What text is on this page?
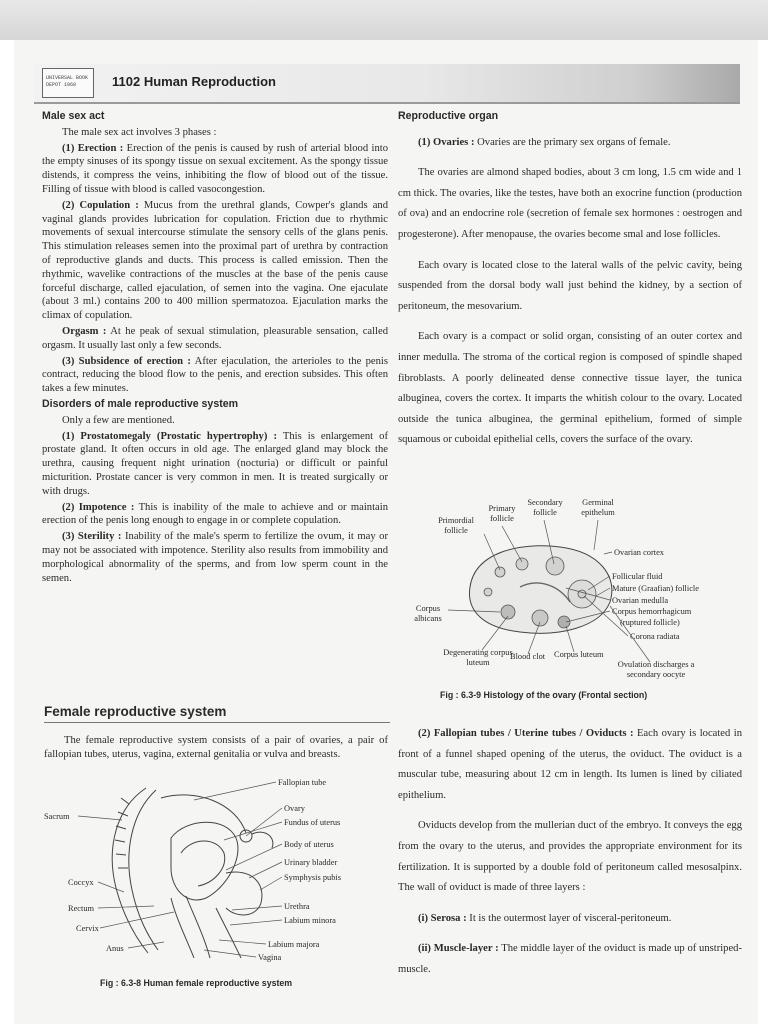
UNIVERSAL BOOK DEPOT 1960	1102 Human Reproduction
Male sex act

The male sex act involves 3 phases :

(1) Erection : Erection of the penis is caused by rush of arterial blood into the empty sinuses of its spongy tissue on sexual excitement. As the spongy tissue distends, it compress the veins, inhibiting the flow of blood out of the tissue. Filling of tissue with blood is called vasocongestion.

(2) Copulation : Mucus from the urethral glands, Cowper's glands and vaginal glands provides lubrication for copulation. Friction due to rhythmic movements of sexual intercourse stimulate the sensory cells of the glans penis. This stimulation releases semen into the proximal part of urethra by contraction of reproductive glands and ducts. This process is called emission. Then the rhythmic, wavelike contractions of the muscles at the base of the penis cause forceful discharge, called ejaculation, of semen into the vagina. One ejaculate (about 3 ml.) contains 200 to 400 million spermatozoa. Ejaculation marks the climax of copulation.

Orgasm : At he peak of sexual stimulation, pleasurable sensation, called orgasm. It usually last only a few seconds.

(3) Subsidence of erection : After ejaculation, the arterioles to the penis contract, reducing the blood flow to the penis, and erection subsides. This often takes a few minutes.

Disorders of male reproductive system

Only a few are mentioned.

(1) Prostatomegaly (Prostatic hypertrophy) : This is enlargement of prostate gland. It often occurs in old age. The enlarged gland may block the urethra, causing frequent night urination (nocturia) or difficult or painful micturition. Prostate cancer is very common in men. It is treated surgically or with drugs.

(2) Impotence : This is inability of the male to achieve and or maintain erection of the penis long enough to engage in or complete copulation.

(3) Sterility : Inability of the male's sperm to fertilize the ovum, it may or may not be associated with impotence. Sterility also results from immobility and morphological abnormality of the sperms, and from low sperm count in the semen.

Female reproductive system

The female reproductive system consists of a pair of ovaries, a pair of fallopian tubes, uterus, vagina, external genitalia or vulva and breasts.

Fallopian tube
Ovary
Fundus of uterus
Body of uterus
Urinary bladder
Symphysis pubis
Urethra
Labium minora
Labium majora
Vagina
Sacrum
Coccyx
Rectum
Cervix
Anus
Fig : 6.3-8 Human female reproductive system
Reproductive organ

(1) Ovaries : Ovaries are the primary sex organs of female.

The ovaries are almond shaped bodies, about 3 cm long, 1.5 cm wide and 1 cm thick. The ovaries, like the testes, have both an exocrine function (production of ova) and an endocrine role (secretion of female sex hormones : oestrogen and progesterone). After menopause, the ovaries become smal and lose follicles.

Each ovary is located close to the lateral walls of the pelvic cavity, being suspended from the dorsal body wall just behind the kidney, by a section of peritoneum, the mesovarium.

Each ovary is a compact or solid organ, consisting of an outer cortex and inner medulla. The stroma of the cortical region is composed of spindle shaped fibroblasts. A poorly delineated dense connective tissue layer, the tunica albuginea, covers the cortex. It imparts the whitish colour to the ovary. Located outside the tunica albuginea, the germinal epithelium, formed of simple squamous or cuboidal epithelial cells, covers the surface of the ovary.

Primordial follicle
Primary follicle
Secondary follicle
Germinal epithelum
Ovarian cortex
Follicular fluid
Mature (Graafian) follicle
Ovarian medulla
Corpus hemorrhagicum
(ruptured follicle)
Corona radiata
Corpus albicans
Degenerating corpus luteum
Blood clot Corpus luteum
Ovulation discharges a secondary oocyte
Fig : 6.3-9 Histology of the ovary (Frontal section)

(2) Fallopian tubes / Uterine tubes / Oviducts : Each ovary is located in front of a funnel shaped opening of the uterus, the oviduct. The oviduct is a muscular tube, measuring about 12 cm in length. Its lumen is lined by ciliated epithelium.

Oviducts develop from the mullerian duct of the embryo. It conveys the egg from the ovary to the uterus, and provides the appropriate environment for its fertilization. It is supported by a double fold of peritoneum called mesosalpinx. The wall of oviduct is made of three layers :

(i) Serosa : It is the outermost layer of visceral-peritoneum.

(ii) Muscle-layer : The middle layer of the oviduct is made up of unstriped-muscle.
